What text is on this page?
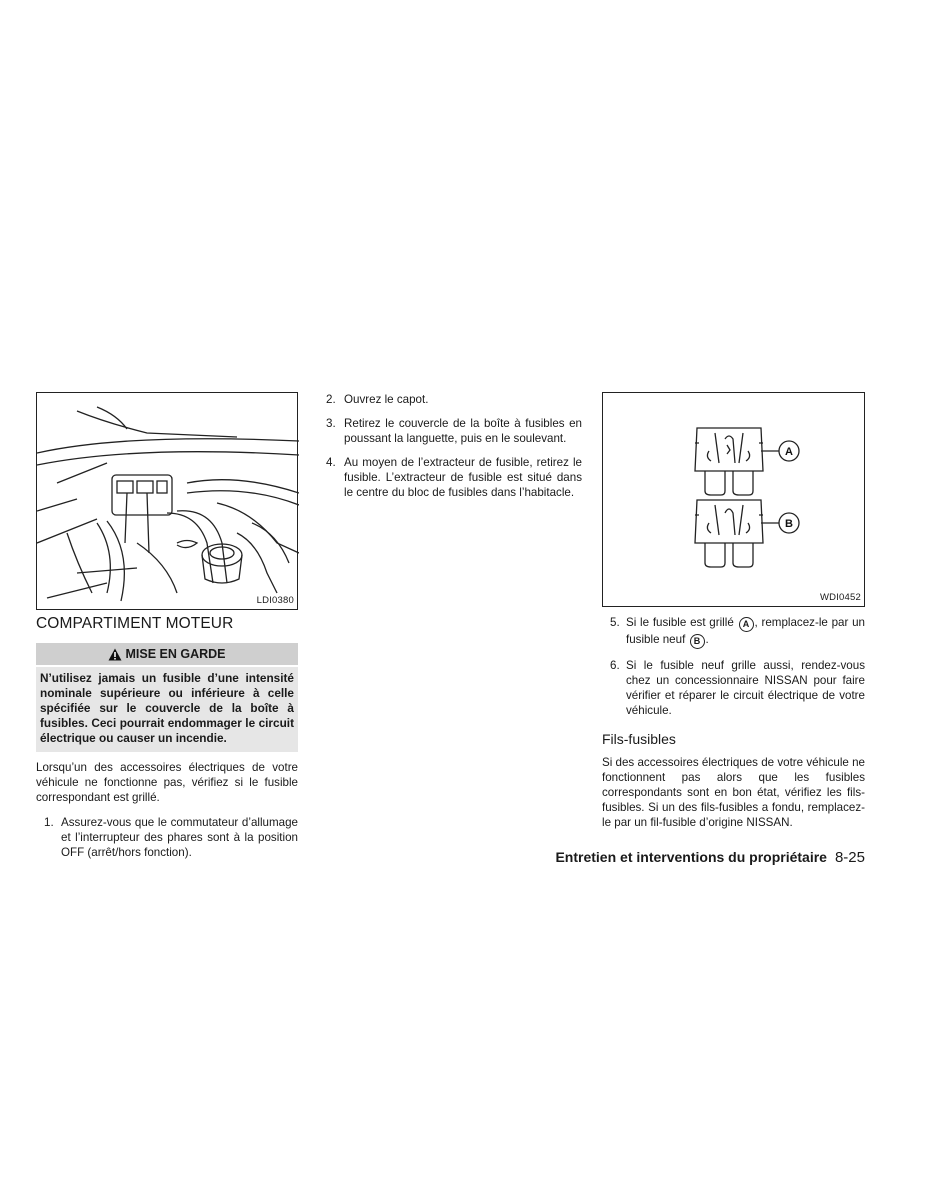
LDI0380
COMPARTIMENT MOTEUR
MISE EN GARDE
N’utilisez jamais un fusible d’une intensité nominale supérieure ou inférieure à celle spécifiée sur le couvercle de la boîte à fusibles. Ceci pourrait endommager le circuit électrique ou causer un incendie.

Lorsqu’un des accessoires électriques de votre véhicule ne fonctionne pas, vérifiez si le fusible correspondant est grillé.

1. Assurez-vous que le commutateur d’allumage et l’interrupteur des phares sont à la position OFF (arrêt/hors fonction).
2. Ouvrez le capot.
3. Retirez le couvercle de la boîte à fusibles en poussant la languette, puis en le soulevant.
4. Au moyen de l’extracteur de fusible, retirez le fusible. L’extracteur de fusible est situé dans le centre du bloc de fusibles dans l’habitacle.
A
B
WDI0452
5. Si le fusible est grillé A , remplacez-le par un fusible neuf B .
6. Si le fusible neuf grille aussi, rendez-vous chez un concessionnaire NISSAN pour faire vérifier et réparer le circuit électrique de votre véhicule.
Fils-fusibles

Si des accessoires électriques de votre véhicule ne fonctionnent pas alors que les fusibles correspondants sont en bon état, vérifiez les fils-fusibles. Si un des fils-fusibles a fondu, remplacez-le par un fil-fusible d’origine NISSAN.

Entretien et interventions du propriétaire 8-25
